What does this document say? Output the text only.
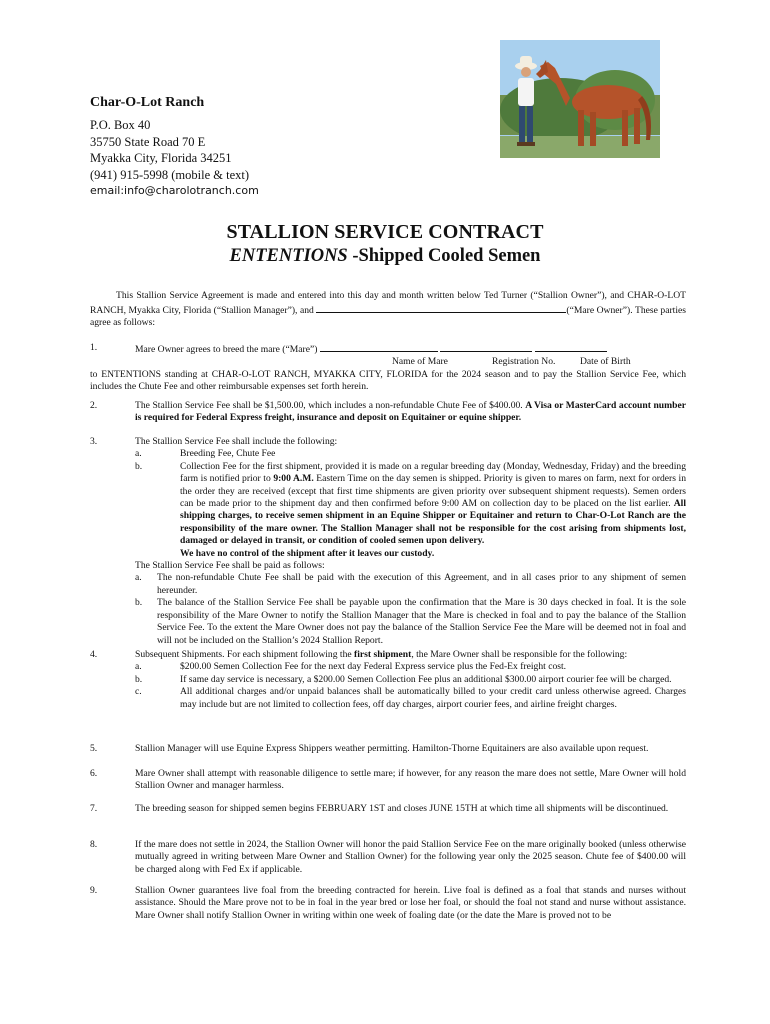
Char-O-Lot Ranch
P.O. Box 40
35750 State Road 70 E
Myakka City, Florida 34251
(941) 915-5998 (mobile & text)
email:info@charolotranch.com
STALLION SERVICE CONTRACT
ENTENTIONS -Shipped Cooled Semen
This Stallion Service Agreement is made and entered into this day and month written below Ted Turner (“Stallion Owner”), and CHAR-O-LOT RANCH, Myakka City, Florida (“Stallion Manager”), and	(“Mare Owner”). These parties agree as follows:
1.	Mare Owner agrees to breed the mare (“Mare”)
Name of Mare	Registration No.	Date of Birth
to ENTENTIONS standing at CHAR-O-LOT RANCH, MYAKKA CITY, FLORIDA for the 2024 season and to pay the Stallion Service Fee, which includes the Chute Fee and other reimbursable expenses set forth herein.
2.	The Stallion Service Fee shall be $1,500.00, which includes a non-refundable Chute Fee of $400.00. A Visa or MasterCard account number is required for Federal Express freight, insurance and deposit on Equitainer or equine shipper.
3.	The Stallion Service Fee shall include the following:
a.	Breeding Fee, Chute Fee
b.	Collection Fee for the first shipment, provided it is made on a regular breeding day (Monday, Wednesday, Friday) and the breeding farm is notified prior to 9:00 A.M. Eastern Time on the day semen is shipped. Priority is given to mares on farm, next for orders in the order they are received (except that first time shipments are given priority over subsequent shipment requests). Semen orders can be made prior to the shipment day and then confirmed before 9:00 AM on collection day to be placed on the list earlier. All shipping charges, to receive semen shipment in an Equine Shipper or Equitainer and return to Char-O-Lot Ranch are the responsibility of the mare owner. The Stallion Manager shall not be responsible for the cost arising from shipments lost, damaged or delayed in transit, or condition of cooled semen upon delivery.
We have no control of the shipment after it leaves our custody.
The Stallion Service Fee shall be paid as follows:
a.	The non-refundable Chute Fee shall be paid with the execution of this Agreement, and in all cases prior to any shipment of semen hereunder.
b.	The balance of the Stallion Service Fee shall be payable upon the confirmation that the Mare is 30 days checked in foal. It is the sole responsibility of the Mare Owner to notify the Stallion Manager that the Mare is checked in foal and to pay the balance of the Stallion Service Fee. To the extent the Mare Owner does not pay the balance of the Stallion Service Fee the Mare will be deemed not in foal and will not be included on the Stallion’s 2024 Stallion Report.
4.	Subsequent Shipments. For each shipment following the first shipment, the Mare Owner shall be responsible for the following:
a.	$200.00 Semen Collection Fee for the next day Federal Express service plus the Fed-Ex freight cost.
b.	If same day service is necessary, a $200.00 Semen Collection Fee plus an additional $300.00 airport courier fee will be charged.
c.	All additional charges and/or unpaid balances shall be automatically billed to your credit card unless otherwise agreed. Charges may include but are not limited to collection fees, off day charges, airport courier fees, and airline freight charges.
5.	Stallion Manager will use Equine Express Shippers weather permitting. Hamilton-Thorne Equitainers are also available upon request.
6.	Mare Owner shall attempt with reasonable diligence to settle mare; if however, for any reason the mare does not settle, Mare Owner will hold Stallion Owner and manager harmless.
7.	The breeding season for shipped semen begins FEBRUARY 1ST and closes JUNE 15TH at which time all shipments will be discontinued.
8.	If the mare does not settle in 2024, the Stallion Owner will honor the paid Stallion Service Fee on the mare originally booked (unless otherwise mutually agreed in writing between Mare Owner and Stallion Owner) for the following year only the 2025 season. Chute fee of $400.00 will be charged along with Fed Ex if applicable.
9.	Stallion Owner guarantees live foal from the breeding contracted for herein. Live foal is defined as a foal that stands and nurses without assistance. Should the Mare prove not to be in foal in the year bred or lose her foal, or should the foal not stand and nurse without assistance. Mare Owner shall notify Stallion Owner in writing within one week of foaling date (or the date the Mare is proved not to be
